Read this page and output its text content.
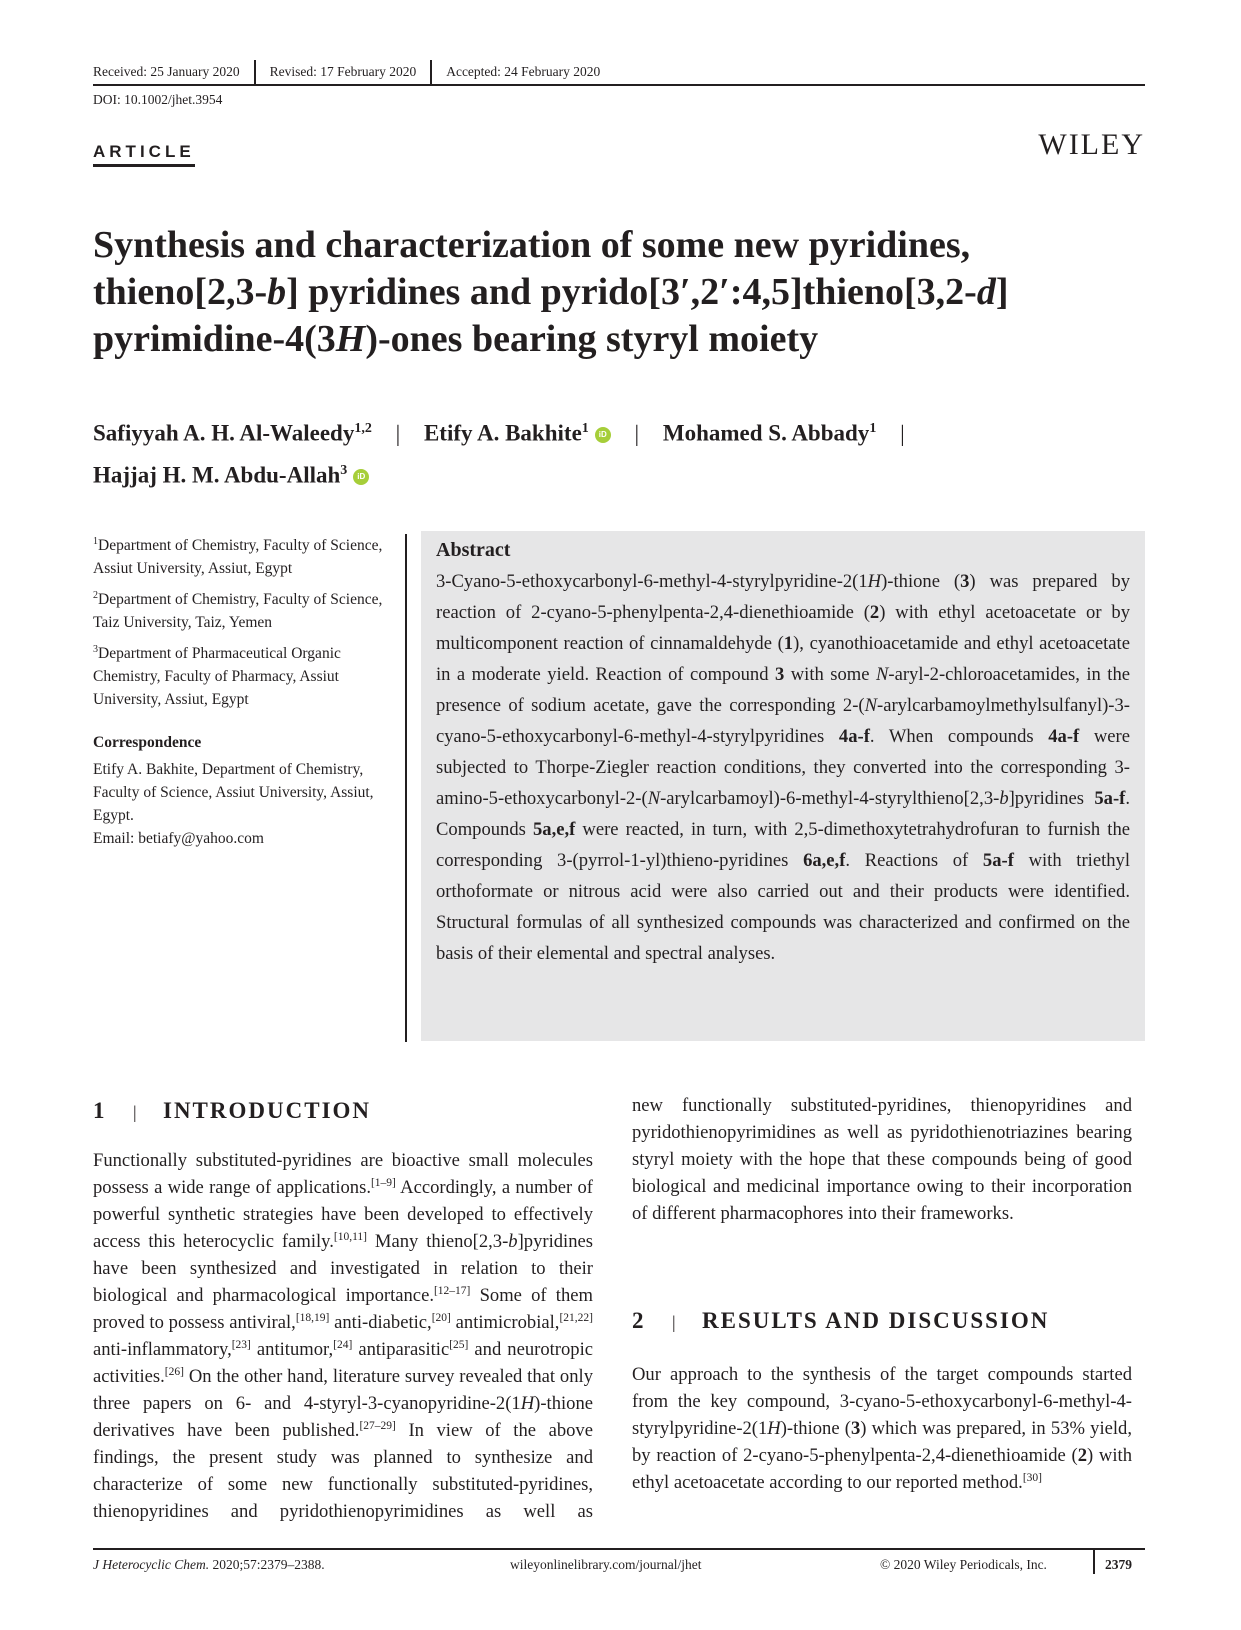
Received: 25 January 2020 Revised: 17 February 2020 Accepted: 24 February 2020
DOI: 10.1002/jhet.3954
ARTICLE	WILEY
Synthesis and characterization of some new pyridines,
thieno[2,3-b] pyridines and pyrido[3′,2′:4,5]thieno[3,2-d]
pyrimidine-4(3H)-ones bearing styryl moiety
Safiyyah A. H. Al-Waleedy$^{1,2}$ | Etify A. Bakhite$^1$ iD | Mohamed S. Abbady$^1$ |
Hajjaj H. M. Abdu-Allah$^3$ iD

$^1$Department of Chemistry, Faculty of Science, Assiut University, Assiut, Egypt

$^2$Department of Chemistry, Faculty of Science, Taiz University, Taiz, Yemen

$^3$Department of Pharmaceutical Organic Chemistry, Faculty of Pharmacy, Assiut University, Assiut, Egypt

Correspondence

Etify A. Bakhite, Department of Chemistry, Faculty of Science, Assiut University, Assiut, Egypt.
Email: betiafy@yahoo.com

Abstract

3-Cyano-5-ethoxycarbonyl-6-methyl-4-styrylpyridine-2(1H)-thione (3) was prepared by reaction of 2-cyano-5-phenylpenta-2,4-dienethioamide (2) with ethyl acetoacetate or by multicomponent reaction of cinnamaldehyde (1), cyanothioacetamide and ethyl acetoacetate in a moderate yield. Reaction of compound 3 with some N-aryl-2-chloroacetamides, in the presence of sodium acetate, gave the corresponding 2-(N-arylcarbamoylmethylsulfanyl)-3-cyano-5-ethoxycarbonyl-6-methyl-4-styrylpyridines 4a-f. When compounds 4a-f were subjected to Thorpe-Ziegler reaction conditions, they converted into the corresponding 3-amino-5-ethoxycarbonyl-2-(N-arylcarbamoyl)-6-methyl-4-styrylthieno[2,3-b]pyridines 5a-f. Compounds 5a,e,f were reacted, in turn, with 2,5-dimethoxytetrahydrofuran to furnish the corresponding 3-(pyrrol-1-yl)thieno-pyridines 6a,e,f. Reactions of 5a-f with triethyl orthoformate or nitrous acid were also carried out and their products were identified. Structural formulas of all synthesized compounds was characterized and confirmed on the basis of their elemental and spectral analyses.

1 | INTRODUCTION
Functionally substituted-pyridines are bioactive small molecules possess a wide range of applications.[1–9] Accordingly, a number of powerful synthetic strategies have been developed to effectively access this heterocyclic family.[10,11] Many thieno[2,3-b]pyridines have been synthesized and investigated in relation to their biological and pharmacological importance.[12–17] Some of them proved to possess antiviral,[18,19] anti-diabetic,[20] antimicrobial,[21,22] anti-inflammatory,[23] antitumor,[24] antiparasitic[25] and neurotropic activities.[26] On the other hand, literature survey revealed that only three papers on 6- and 4-styryl-3-cyanopyridine-2(1H)-thione derivatives have been published.[27–29] In view of the above findings, the present study was planned to synthesize and characterize of some new functionally substituted-pyridines, thienopyridines and pyridothienopyrimidines as well as
new functionally substituted-pyridines, thienopyridines and pyridothienopyrimidines as well as pyridothienotriazines bearing styryl moiety with the hope that these compounds being of good biological and medicinal importance owing to their incorporation of different pharmacophores into their frameworks.
2 | RESULTS AND DISCUSSION
Our approach to the synthesis of the target compounds started from the key compound, 3-cyano-5-ethoxycarbonyl-6-methyl-4-styrylpyridine-2(1H)-thione (3) which was prepared, in 53% yield, by reaction of 2-cyano-5-phenylpenta-2,4-dienethioamide (2) with ethyl acetoacetate according to our reported method.[30]
J Heterocyclic Chem. 2020;57:2379–2388.	wileyonlinelibrary.com/journal/jhet	© 2020 Wiley Periodicals, Inc.	2379
